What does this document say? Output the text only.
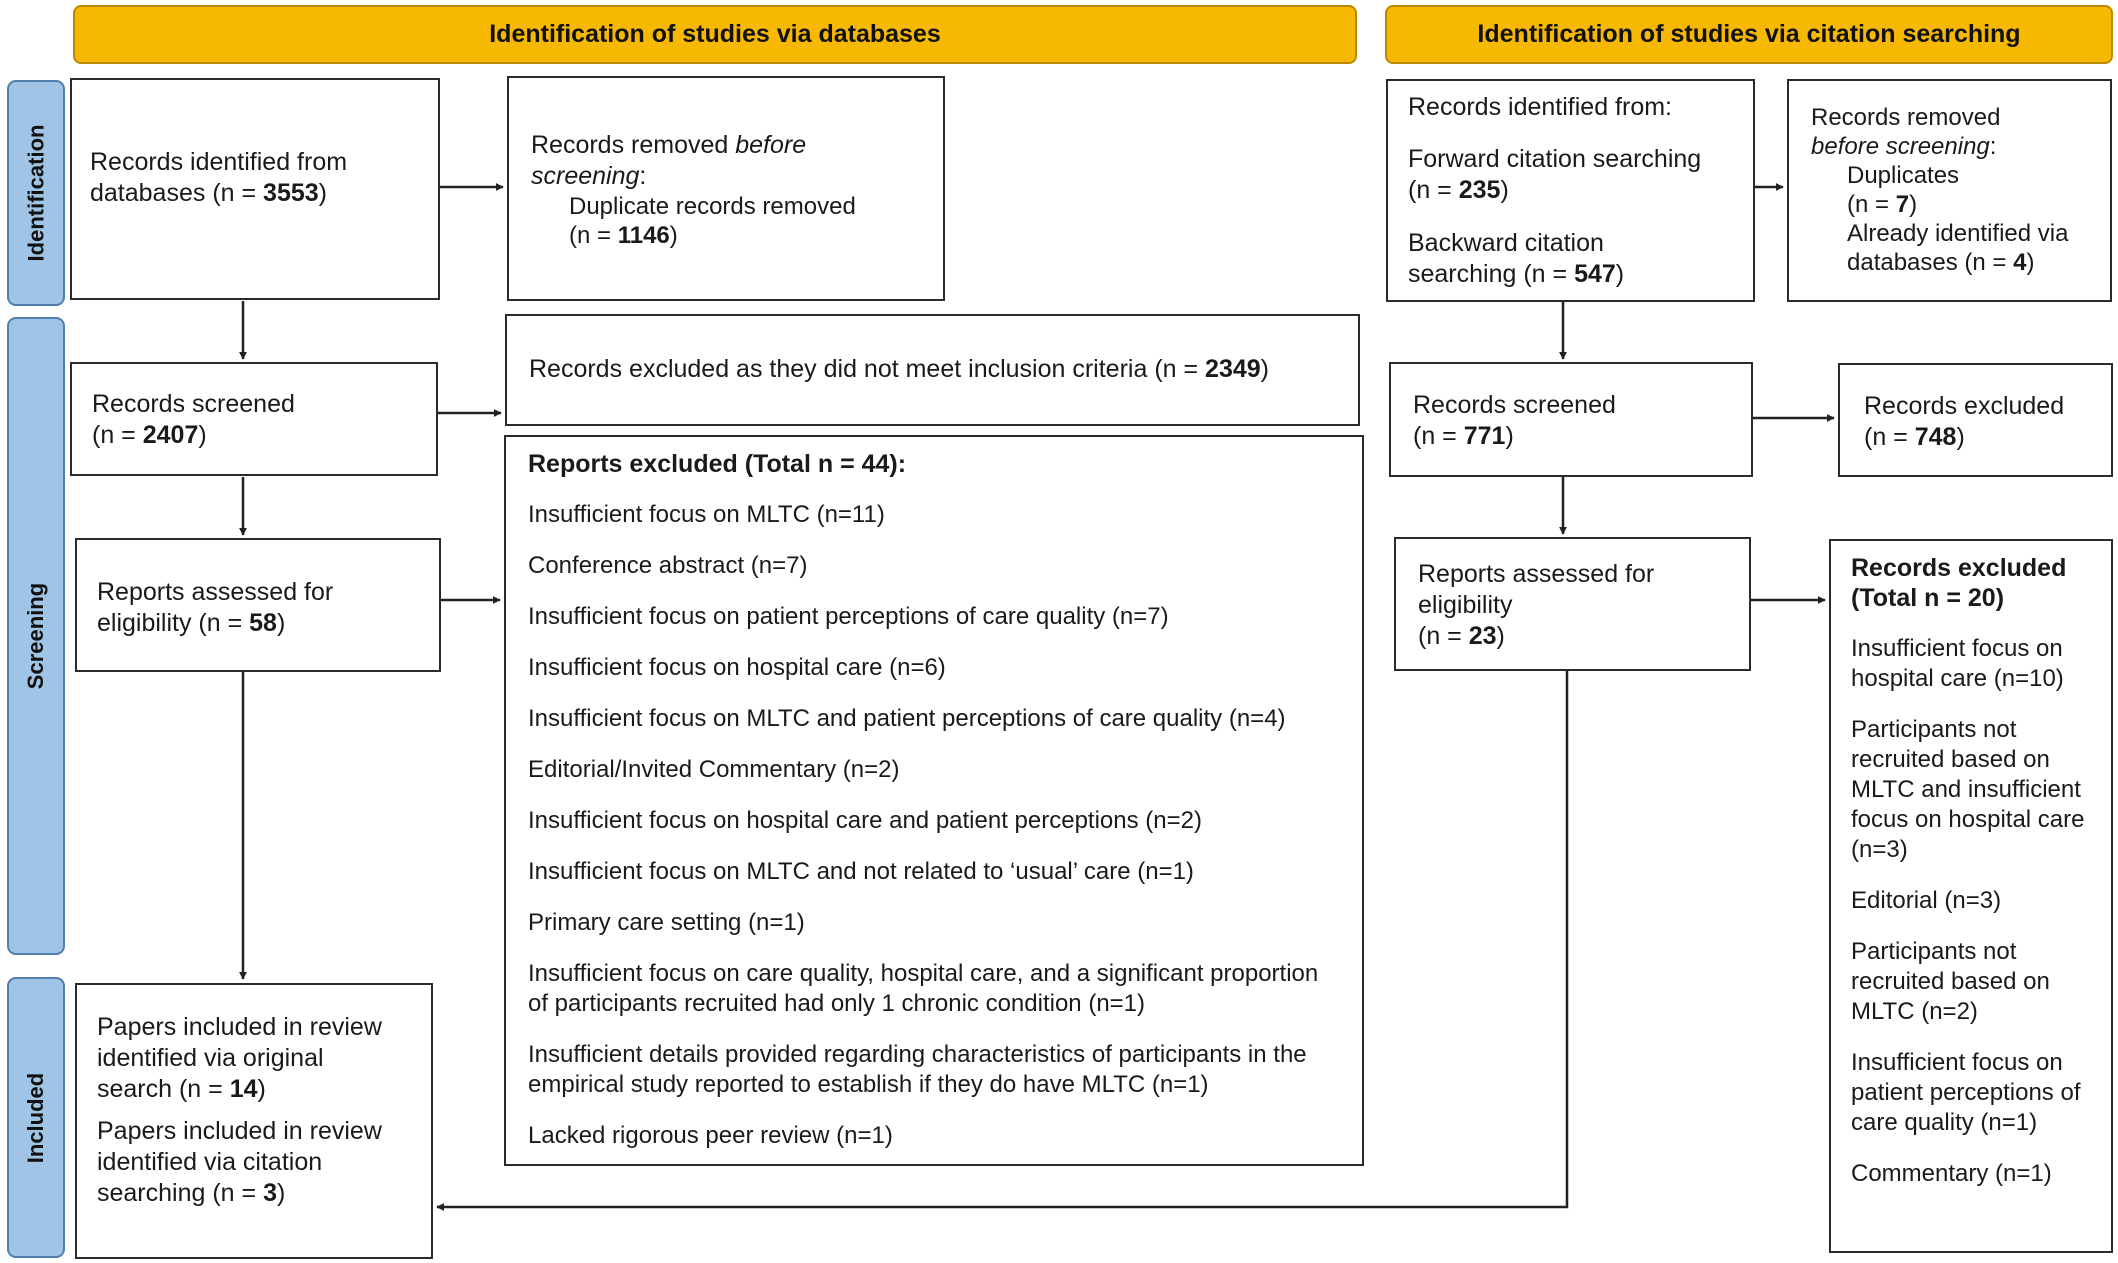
Identification of studies via databases	Identification of studies via citation searching
Identification
Screening
Included

Records identified from

databases (n = 3553)

Records removed before

screening:

Duplicate records removed

(n = 1146)

Records screened

(n = 2407)

Records excluded as they did not meet inclusion criteria (n = 2349)

Reports assessed for

eligibility (n = 58)

Reports excluded (Total n = 44):

Insufficient focus on MLTC (n=11)

Conference abstract (n=7)

Insufficient focus on patient perceptions of care quality (n=7)

Insufficient focus on hospital care (n=6)

Insufficient focus on MLTC and patient perceptions of care quality (n=4)

Editorial/Invited Commentary (n=2)

Insufficient focus on hospital care and patient perceptions (n=2)

Insufficient focus on MLTC and not related to ‘usual’ care (n=1)

Primary care setting (n=1)

Insufficient focus on care quality, hospital care, and a significant proportion of participants recruited had only 1 chronic condition (n=1)

Insufficient details provided regarding characteristics of participants in the empirical study reported to establish if they do have MLTC (n=1)

Lacked rigorous peer review (n=1)

Papers included in review

identified via original

search (n = 14)

Papers included in review

identified via citation

searching (n = 3)

Records identified from:

Forward citation searching

(n = 235)

Backward citation

searching (n = 547)

Records removed

before screening:

Duplicates

(n = 7)

Already identified via

databases (n = 4)

Records screened

(n = 771)

Records excluded

(n = 748)

Reports assessed for

eligibility

(n = 23)

Records excluded

(Total n = 20)

Insufficient focus on hospital care (n=10)

Participants not recruited based on MLTC and insufficient focus on hospital care (n=3)

Editorial (n=3)

Participants not recruited based on MLTC (n=2)

Insufficient focus on patient perceptions of care quality (n=1)

Commentary (n=1)
